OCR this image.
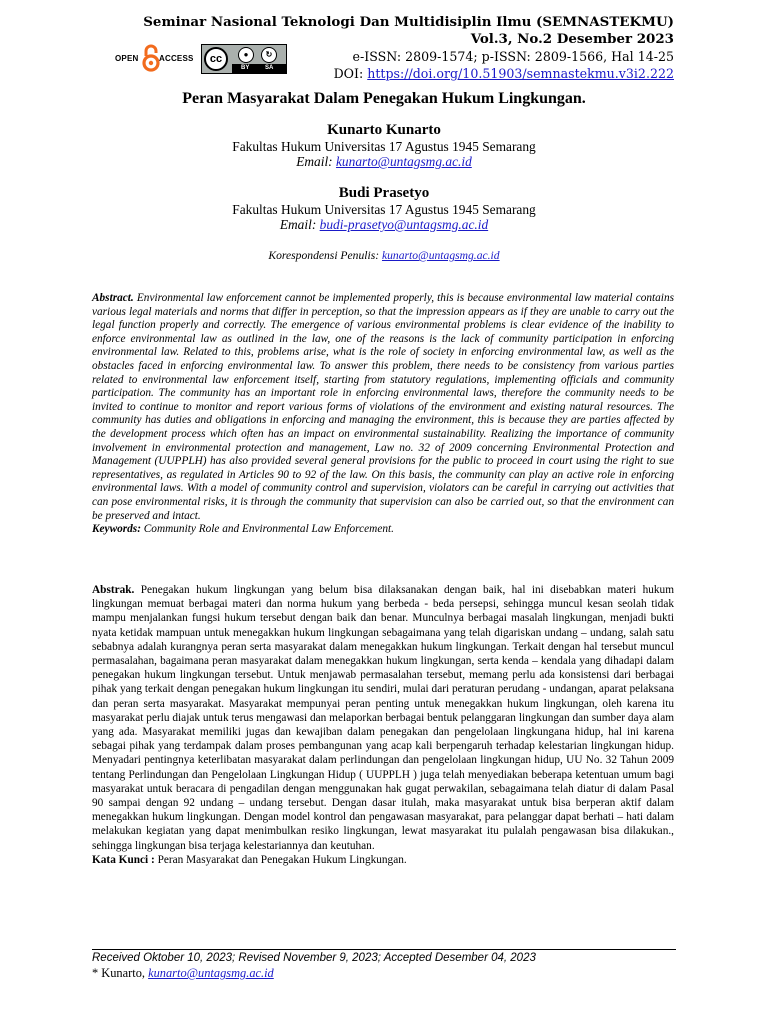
Seminar Nasional Teknologi Dan Multidisiplin Ilmu (SEMNASTEKMU)
Vol.3, No.2 Desember 2023
e-ISSN: 2809-1574; p-ISSN: 2809-1566, Hal 14-25
DOI: https://doi.org/10.51903/semnastekmu.v3i2.222
OPEN	ACCESS	cc	●	↻
BY	SA
Peran Masyarakat Dalam Penegakan Hukum Lingkungan.
Kunarto Kunarto
Fakultas Hukum Universitas 17 Agustus 1945 Semarang
Email: kunarto@untagsmg.ac.id
Budi Prasetyo
Fakultas Hukum Universitas 17 Agustus 1945 Semarang
Email: budi-prasetyo@untagsmg.ac.id
Korespondensi Penulis: kunarto@untagsmg.ac.id
Abstract. Environmental law enforcement cannot be implemented properly, this is because environmental law material contains various legal materials and norms that differ in perception, so that the impression appears as if they are unable to carry out the legal function properly and correctly. The emergence of various environmental problems is clear evidence of the inability to enforce environmental law as outlined in the law, one of the reasons is the lack of community participation in enforcing environmental law. Related to this, problems arise, what is the role of society in enforcing environmental law, as well as the obstacles faced in enforcing environmental law. To answer this problem, there needs to be consistency from various parties related to environmental law enforcement itself, starting from statutory regulations, implementing officials and community participation. The community has an important role in enforcing environmental laws, therefore the community needs to be invited to continue to monitor and report various forms of violations of the environment and existing natural resources. The community has duties and obligations in enforcing and managing the environment, this is because they are parties affected by the development process which often has an impact on environmental sustainability. Realizing the importance of community involvement in environmental protection and management, Law no. 32 of 2009 concerning Environmental Protection and Management (UUPPLH) has also provided several general provisions for the public to proceed in court using the right to sue representatives, as regulated in Articles 90 to 92 of the law. On this basis, the community can play an active role in enforcing environmental laws. With a model of community control and supervision, violators can be careful in carrying out activities that can pose environmental risks, it is through the community that supervision can also be carried out, so that the environment can be preserved and intact.
Keywords: Community Role and Environmental Law Enforcement.
Abstrak. Penegakan hukum lingkungan yang belum bisa dilaksanakan dengan baik, hal ini disebabkan materi hukum lingkungan memuat berbagai materi dan norma hukum yang berbeda - beda persepsi, sehingga muncul kesan seolah tidak mampu menjalankan fungsi hukum tersebut dengan baik dan benar. Munculnya berbagai masalah lingkungan, menjadi bukti nyata ketidak mampuan untuk menegakkan hukum lingkungan sebagaimana yang telah digariskan undang – undang, salah satu sebabnya adalah kurangnya peran serta masyarakat dalam menegakkan hukum lingkungan. Terkait dengan hal tersebut muncul permasalahan, bagaimana peran masyarakat dalam menegakkan hukum lingkungan, serta kenda – kendala yang dihadapi dalam penegakan hukum lingkungan tersebut. Untuk menjawab permasalahan tersebut, memang perlu ada konsistensi dari berbagai pihak yang terkait dengan penegakan hukum lingkungan itu sendiri, mulai dari peraturan perudang - undangan, aparat pelaksana dan peran serta masyarakat. Masyarakat mempunyai peran penting untuk menegakkan hukum lingkungan, oleh karena itu masyarakat perlu diajak untuk terus mengawasi dan melaporkan berbagai bentuk pelanggaran lingkungan dan sumber daya alam yang ada. Masyarakat memiliki jugas dan kewajiban dalam penegakan dan pengelolaan lingkungana hidup, hal ini karena sebagai pihak yang terdampak dalam proses pembangunan yang acap kali berpengaruh terhadap kelestarian lingkungan hidup. Menyadari pentingnya keterlibatan masyarakat dalam perlindungan dan pengelolaan lingkungan hidup, UU No. 32 Tahun 2009 tentang Perlindungan dan Pengelolaan Lingkungan Hidup ( UUPPLH ) juga telah menyediakan beberapa ketentuan umum bagi masyarakat untuk beracara di pengadilan dengan menggunakan hak gugat perwakilan, sebagaimana telah diatur di dalam Pasal 90 sampai dengan 92 undang – undang tersebut. Dengan dasar itulah, maka masyarakat untuk bisa berperan aktif dalam menegakkan hukum lingkungan. Dengan model kontrol dan pengawasan masyarakat, para pelanggar dapat berhati – hati dalam melakukan kegiatan yang dapat menimbulkan resiko lingkungan, lewat masyarakat itu pulalah pengawasan bisa dilakukan., sehingga lingkungan bisa terjaga kelestariannya dan keutuhan.
Kata Kunci : Peran Masyarakat dan Penegakan Hukum Lingkungan.
Received Oktober 10, 2023; Revised November 9, 2023; Accepted Desember 04, 2023
* Kunarto, kunarto@untagsmg.ac.id
